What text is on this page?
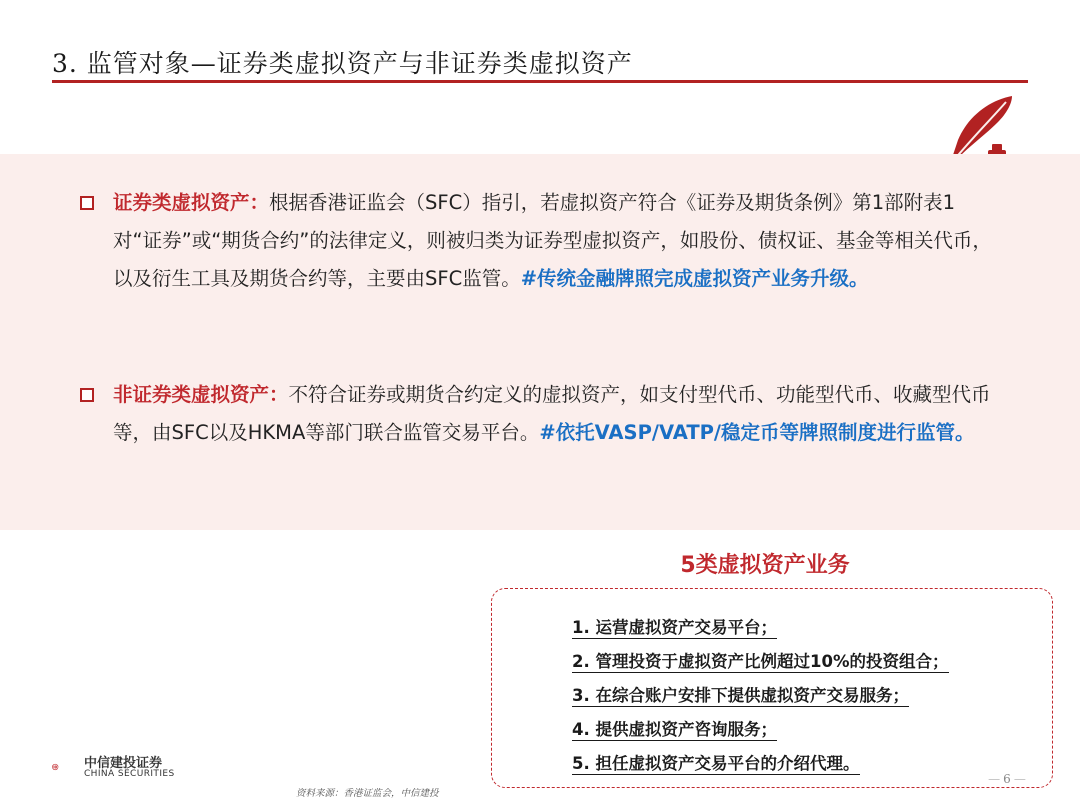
3. 监管对象—证券类虚拟资产与非证券类虚拟资产
证券类虚拟资产：根据香港证监会（SFC）指引，若虚拟资产符合《证券及期货条例》第1部附表1对“证券”或“期货合约”的法律定义，则被归类为证券型虚拟资产，如股份、债权证、基金等相关代币，以及衍生工具及期货合约等，主要由SFC监管。#传统金融牌照完成虚拟资产业务升级。
非证券类虚拟资产：不符合证券或期货合约定义的虚拟资产，如支付型代币、功能型代币、收藏型代币等，由SFC以及HKMA等部门联合监管交易平台。#依托VASP/VATP/稳定币等牌照制度进行监管。
5类虚拟资产业务
1. 运营虚拟资产交易平台；
2. 管理投资于虚拟资产比例超过10%的投资组合；
3. 在综合账户安排下提供虚拟资产交易服务；
4. 提供虚拟资产咨询服务；
5. 担任虚拟资产交易平台的介绍代理。
中信建投证券
CHINA SECURITIES
资料来源：香港证监会，中信建投
— 6 —
